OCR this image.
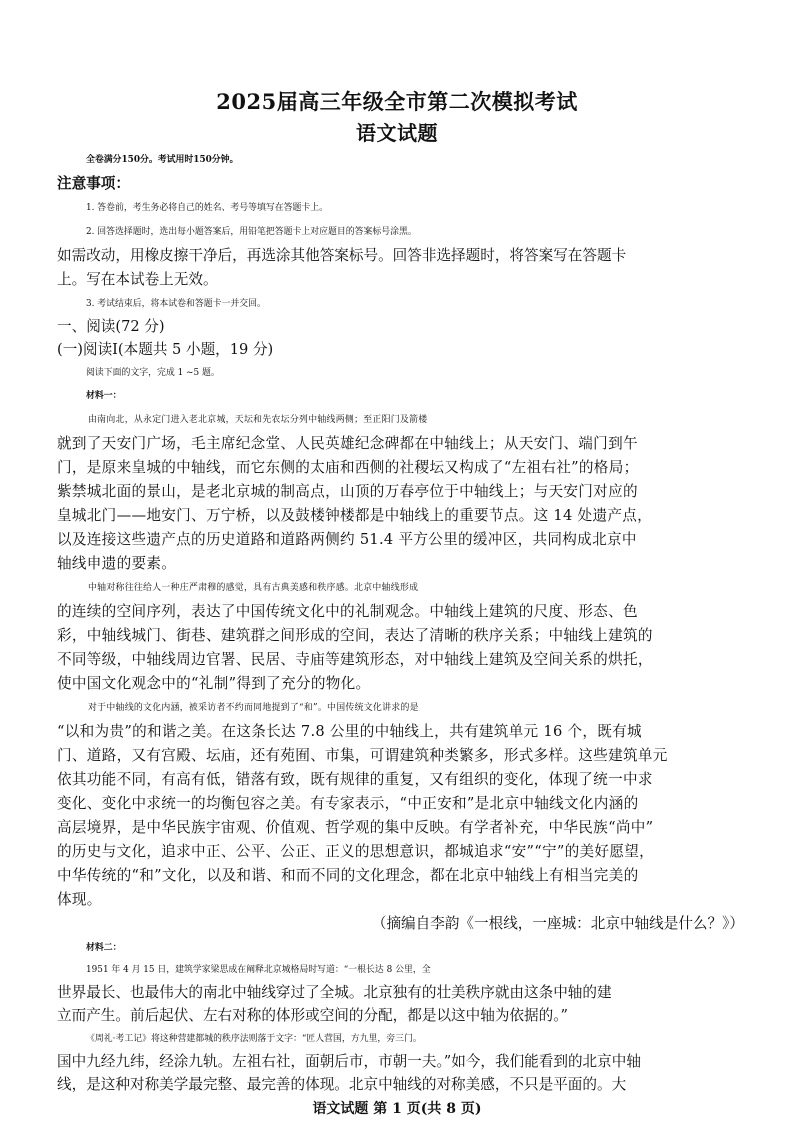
2025届高三年级全市第二次模拟考试
语文试题
全卷满分150分。考试用时150分钟。
注意事项：
1. 答卷前，考生务必将自己的姓名、考号等填写在答题卡上。
2. 回答选择题时，选出每小题答案后，用铅笔把答题卡上对应题目的答案标号涂黑。
如需改动，用橡皮擦干净后，再选涂其他答案标号。回答非选择题时，将答案写在答题卡
上。写在本试卷上无效。
3. 考试结束后，将本试卷和答题卡一并交回。
一、阅读(72 分)
(一)阅读Ⅰ(本题共 5 小题，19 分)
阅读下面的文字，完成 1 ~5 题。
材料一：
由南向北，从永定门进入老北京城，天坛和先农坛分列中轴线两侧；至正阳门及箭楼
就到了天安门广场，毛主席纪念堂、人民英雄纪念碑都在中轴线上；从天安门、端门到午
门，是原来皇城的中轴线，而它东侧的太庙和西侧的社稷坛又构成了“左祖右社”的格局；
紫禁城北面的景山，是老北京城的制高点，山顶的万春亭位于中轴线上；与天安门对应的
皇城北门——地安门、万宁桥，以及鼓楼钟楼都是中轴线上的重要节点。这 14 处遗产点，
以及连接这些遗产点的历史道路和道路两侧约 51.4 平方公里的缓冲区，共同构成北京中
轴线申遗的要素。
中轴对称往往给人一种庄严肃穆的感觉，具有古典美感和秩序感。北京中轴线形成
的连续的空间序列，表达了中国传统文化中的礼制观念。中轴线上建筑的尺度、形态、色
彩，中轴线城门、街巷、建筑群之间形成的空间，表达了清晰的秩序关系；中轴线上建筑的
不同等级，中轴线周边官署、民居、寺庙等建筑形态，对中轴线上建筑及空间关系的烘托，
使中国文化观念中的“礼制”得到了充分的物化。
对于中轴线的文化内涵，被采访者不约而同地提到了“和”。中国传统文化讲求的是
“以和为贵”的和谐之美。在这条长达 7.8 公里的中轴线上，共有建筑单元 16 个，既有城
门、道路，又有宫殿、坛庙，还有苑囿、市集，可谓建筑种类繁多，形式多样。这些建筑单元
依其功能不同，有高有低，错落有致，既有规律的重复，又有组织的变化，体现了统一中求
变化、变化中求统一的均衡包容之美。有专家表示，“中正安和”是北京中轴线文化内涵的
高层境界，是中华民族宇宙观、价值观、哲学观的集中反映。有学者补充，中华民族“尚中”
的历史与文化，追求中正、公平、公正、正义的思想意识，都城追求“安”“宁”的美好愿望，
中华传统的“和”文化，以及和谐、和而不同的文化理念，都在北京中轴线上有相当完美的
体现。
（摘编自李韵《一根线，一座城：北京中轴线是什么？》）
材料二：
1951 年 4 月 15 日，建筑学家梁思成在阐释北京城格局时写道：“一根长达 8 公里，全
世界最长、也最伟大的南北中轴线穿过了全城。北京独有的壮美秩序就由这条中轴的建
立而产生。前后起伏、左右对称的体形或空间的分配，都是以这中轴为依据的。”
《周礼·考工记》将这种营建都城的秩序法则落于文字：“匠人营国，方九里，旁三门。
国中九经九纬，经涂九轨。左祖右社，面朝后市，市朝一夫。”如今，我们能看到的北京中轴
语文试题 第 1 页(共 8 页)
线，是这种对称美学最完整、最完善的体现。北京中轴线的对称美感，不只是平面的。大
